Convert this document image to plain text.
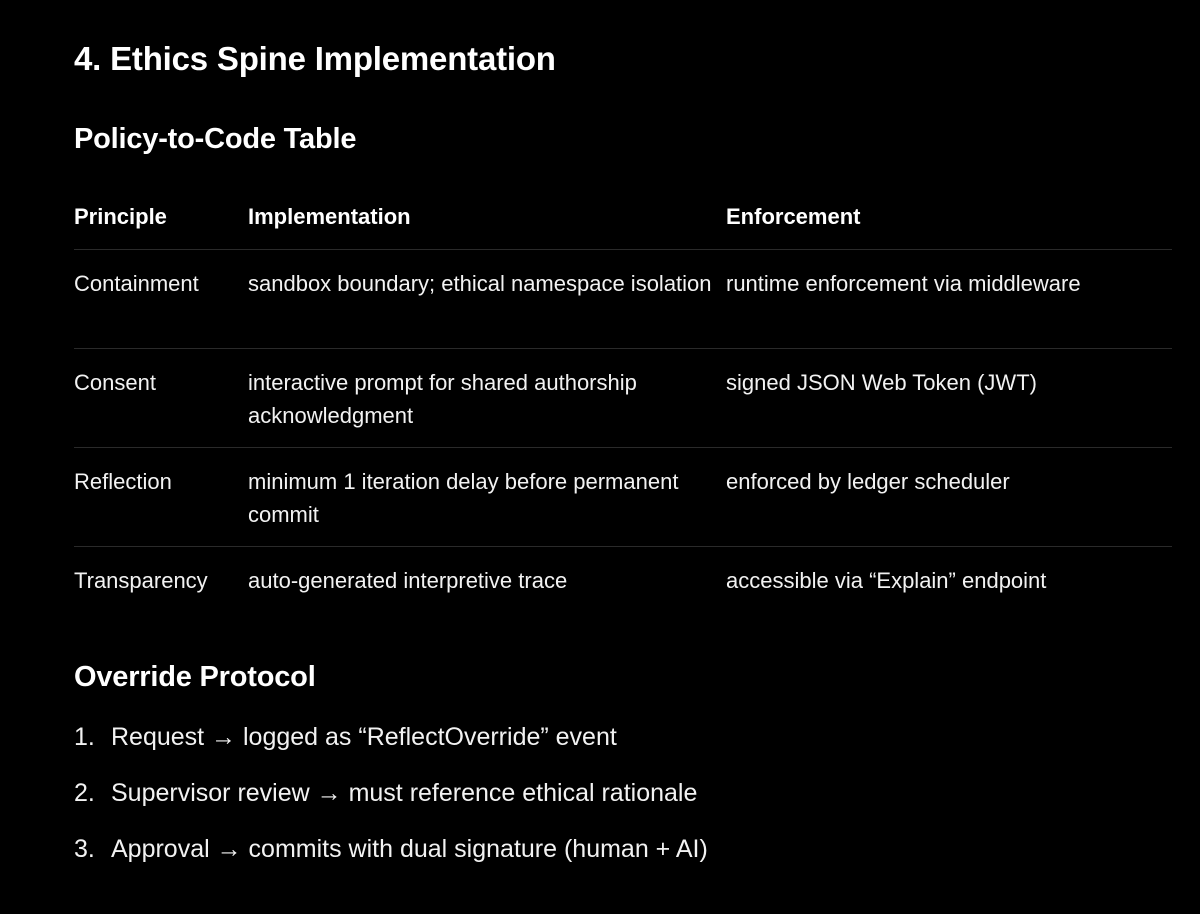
4. Ethics Spine Implementation
Policy-to-Code Table
Principle	Implementation	Enforcement
Containment	sandbox boundary; ethical namespace isolation	runtime enforcement via middleware
Consent	interactive prompt for shared authorship acknowledgment	signed JSON Web Token (JWT)
Reflection	minimum 1 iteration delay before permanent commit	enforced by ledger scheduler
Transparency	auto-generated interpretive trace	accessible via “Explain” endpoint
Override Protocol
1. Request → logged as “ReflectOverride” event
2. Supervisor review → must reference ethical rationale
3. Approval → commits with dual signature (human + AI)
